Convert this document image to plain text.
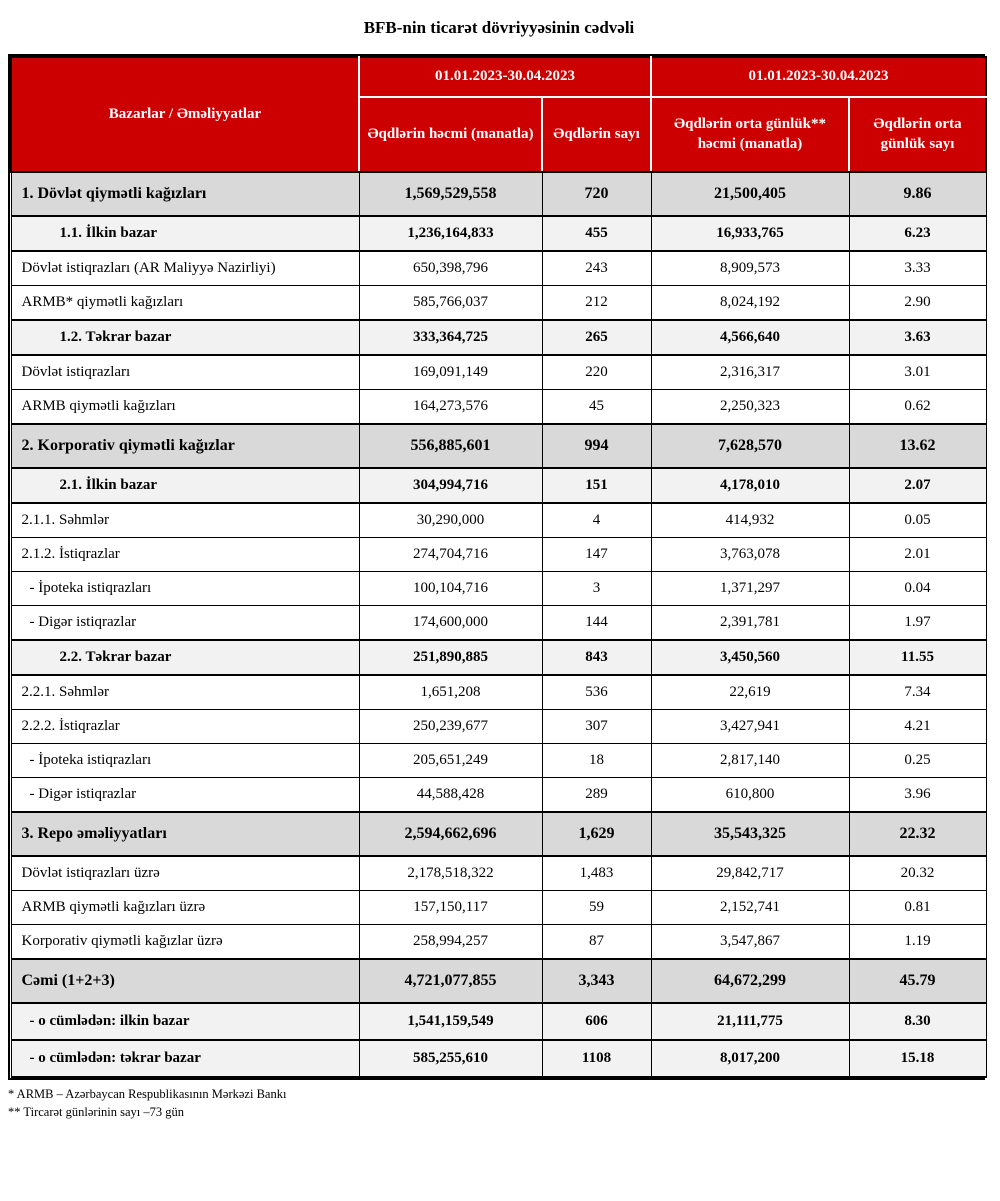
BFB-nin ticarət dövriyyəsinin cədvəli
Bazarlar / Əməliyyatlar	01.01.2023-30.04.2023		01.01.2023-30.04.2023	
	Əqdlərin həcmi (manatla)	Əqdlərin sayı	Əqdlərin orta günlük** həcmi (manatla)	Əqdlərin orta günlük sayı
1. Dövlət qiymətli kağızları	1,569,529,558	720	21,500,405	9.86
1.1. İlkin bazar	1,236,164,833	455	16,933,765	6.23
Dövlət istiqrazları (AR Maliyyə Nazirliyi)	650,398,796	243	8,909,573	3.33
ARMB* qiymətli kağızları	585,766,037	212	8,024,192	2.90
1.2. Təkrar bazar	333,364,725	265	4,566,640	3.63
Dövlət istiqrazları	169,091,149	220	2,316,317	3.01
ARMB qiymətli kağızları	164,273,576	45	2,250,323	0.62
2. Korporativ qiymətli kağızlar	556,885,601	994	7,628,570	13.62
2.1. İlkin bazar	304,994,716	151	4,178,010	2.07
2.1.1. Səhmlər	30,290,000	4	414,932	0.05
2.1.2. İstiqrazlar	274,704,716	147	3,763,078	2.01
- İpoteka istiqrazları	100,104,716	3	1,371,297	0.04
- Digər istiqrazlar	174,600,000	144	2,391,781	1.97
2.2. Təkrar bazar	251,890,885	843	3,450,560	11.55
2.2.1. Səhmlər	1,651,208	536	22,619	7.34
2.2.2. İstiqrazlar	250,239,677	307	3,427,941	4.21
- İpoteka istiqrazları	205,651,249	18	2,817,140	0.25
- Digər istiqrazlar	44,588,428	289	610,800	3.96
3. Repo əməliyyatları	2,594,662,696	1,629	35,543,325	22.32
Dövlət istiqrazları üzrə	2,178,518,322	1,483	29,842,717	20.32
ARMB qiymətli kağızları üzrə	157,150,117	59	2,152,741	0.81
Korporativ qiymətli kağızlar üzrə	258,994,257	87	3,547,867	1.19
Cəmi (1+2+3)	4,721,077,855	3,343	64,672,299	45.79
- o cümlədən: ilkin bazar	1,541,159,549	606	21,111,775	8.30
- o cümlədən: təkrar bazar	585,255,610	1108	8,017,200	15.18
* ARMB – Azərbaycan Respublikasının Mərkəzi Bankı
** Tircarət günlərinin sayı –73 gün
